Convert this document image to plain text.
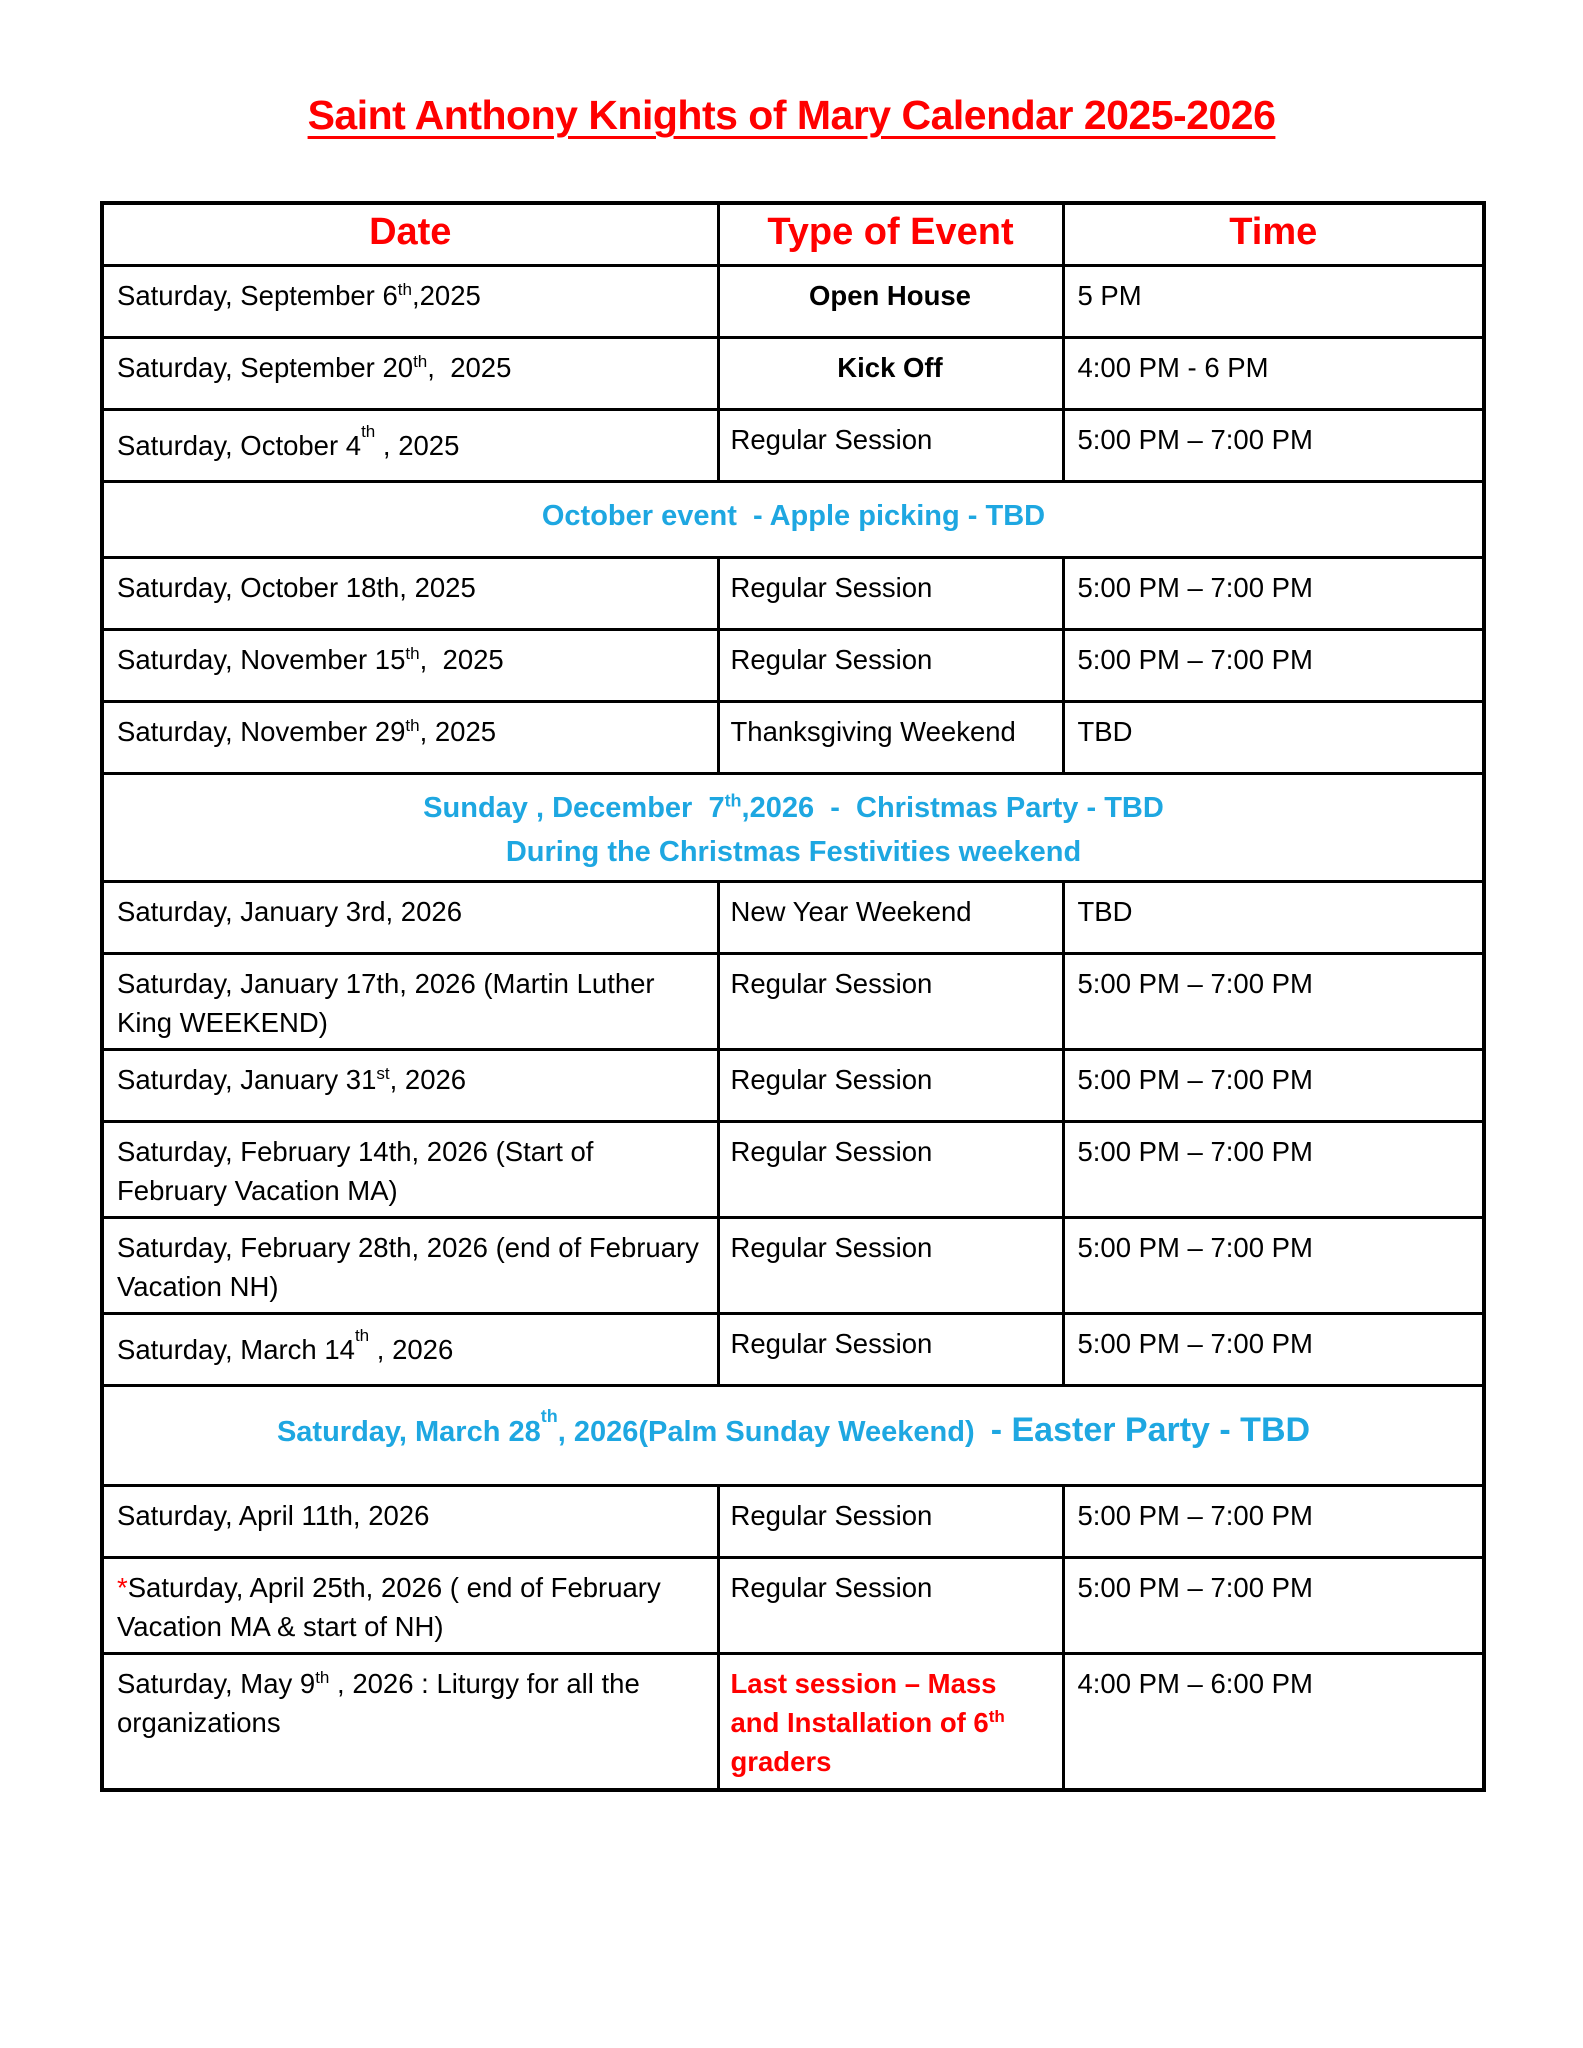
Saint Anthony Knights of Mary Calendar 2025-2026
Date	Type of Event	Time
Saturday, September 6th,2025	Open House	5 PM
Saturday, September 20th,  2025	Kick Off	4:00 PM - 6 PM
Saturday, October 4th , 2025	Regular Session	5:00 PM – 7:00 PM

October event  - Apple picking - TBD		

Saturday, October 18th, 2025	Regular Session	5:00 PM – 7:00 PM
Saturday, November 15th,  2025	Regular Session	5:00 PM – 7:00 PM
Saturday, November 29th, 2025	Thanksgiving Weekend	TBD

Sunday , December  7th,2026  -  Christmas Party - TBD
During the Christmas Festivities weekend		

Saturday, January 3rd, 2026	New Year Weekend	TBD
Saturday, January 17th, 2026 (Martin Luther King WEEKEND)	Regular Session	5:00 PM – 7:00 PM
Saturday, January 31st, 2026	Regular Session	5:00 PM – 7:00 PM
Saturday, February 14th, 2026 (Start of February Vacation MA)	Regular Session	5:00 PM – 7:00 PM
Saturday, February 28th, 2026 (end of February Vacation NH)	Regular Session	5:00 PM – 7:00 PM
Saturday, March 14th , 2026	Regular Session	5:00 PM – 7:00 PM

Saturday, March 28th, 2026(Palm Sunday Weekend)  - Easter Party - TBD		

Saturday, April 11th, 2026	Regular Session	5:00 PM – 7:00 PM
*Saturday, April 25th, 2026 ( end of February Vacation MA & start of NH)	Regular Session	5:00 PM – 7:00 PM
Saturday, May 9th , 2026 : Liturgy for all the organizations	Last session – Mass and Installation of 6th graders	4:00 PM – 6:00 PM
